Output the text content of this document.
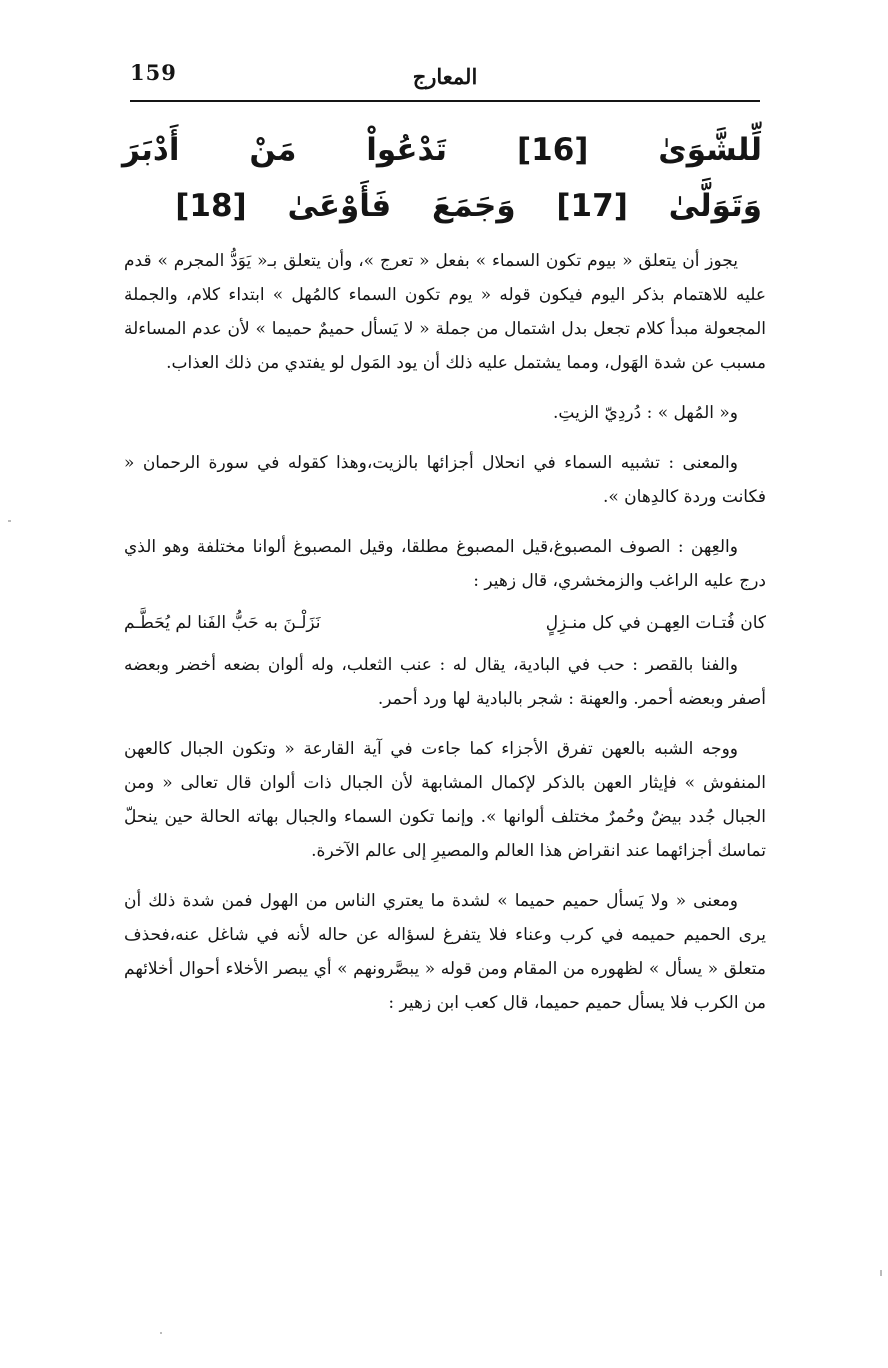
159	المعارج
لِّلشَّوَىٰ [16] تَدْعُواْ مَنْ أَدْبَرَ وَتَوَلَّىٰ [17] وَجَمَعَ فَأَوْعَىٰ [18]

يجوز أن يتعلق « بيوم تكون السماء » بفعل « تعرج »، وأن يتعلق بـ« يَوَدُّ المجرم » قدم عليه للاهتمام بذكر اليوم فيكون قوله « يوم تكون السماء كالمُهل » ابتداء كلام، والجملة المجعولة مبدأ كلام تجعل بدل اشتمال من جملة « لا يَسأل حميمٌ حميما » لأن عدم المساءلة مسبب عن شدة الهَول، ومما يشتمل عليه ذلك أن يود المَول لو يفتدي من ذلك العذاب.

و« المُهل » : دُردِيّ الزيتِ.

والمعنى : تشبيه السماء في انحلال أجزائها بالزيت،وهذا كقوله في سورة الرحمان « فكانت وردة كالدِهان ».

والعِهن : الصوف المصبوغ،قيل المصبوغ مطلقا، وقيل المصبوغ ألوانا مختلفة وهو الذي درج عليه الراغب والزمخشري، قال زهير :

كان فُتـات العِهـن في كل منـزِلٍ
نَزَلْـنَ به حَبُّ الفَنا لم يُحَطَّـم

والفنا بالقصر : حب في البادية، يقال له : عنب الثعلب، وله ألوان بضعه أخضر وبعضه أصفر وبعضه أحمر. والعهنة : شجر بالبادية لها ورد أحمر.

ووجه الشبه بالعهن تفرق الأجزاء كما جاءت في آية القارعة « وتكون الجبال كالعهن المنفوش » فإيثار العهن بالذكر لإكمال المشابهة لأن الجبال ذات ألوان قال تعالى « ومن الجبال جُدد بيضٌ وحُمرٌ مختلف ألوانها ». وإنما تكون السماء والجبال بهاته الحالة حين ينحلّ تماسك أجزائهما عند انقراض هذا العالم والمصيرِ إلى عالم الآخرة.

ومعنى « ولا يَسأل حميم حميما » لشدة ما يعتري الناس من الهول فمن شدة ذلك أن يرى الحميم حميمه في كرب وعناء فلا يتفرغ لسؤاله عن حاله لأنه في شاغل عنه،فحذف متعلق « يسأل » لظهوره من المقام ومن قوله « يبصَّرونهم » أي يبصر الأخلاء أحوال أخلائهم من الكرب فلا يسأل حميم حميما، قال كعب ابن زهير :
